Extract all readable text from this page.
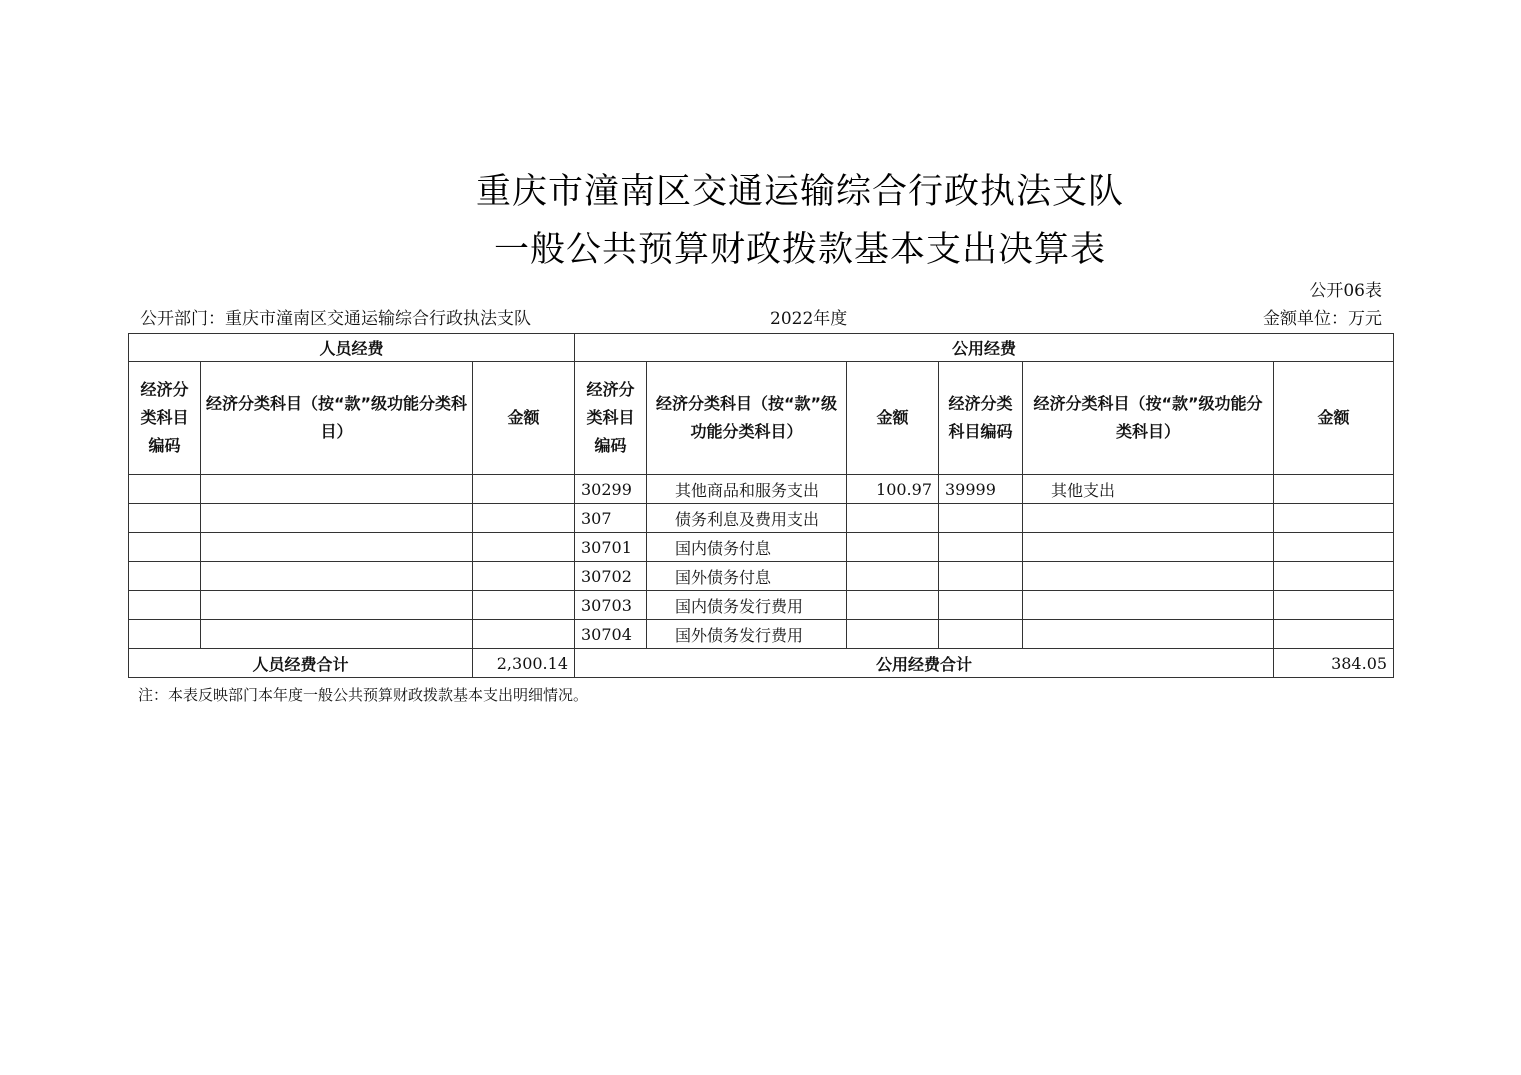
重庆市潼南区交通运输综合行政执法支队
一般公共预算财政拨款基本支出决算表
公开06表
公开部门：重庆市潼南区交通运输综合行政执法支队	2022年度	金额单位：万元
人员经费			公用经费					
经济分类科目编码	经济分类科目（按“款”级功能分类科目）	金额	经济分类科目编码	经济分类科目（按“款”级功能分类科目）	金额	经济分类科目编码	经济分类科目（按“款”级功能分类科目）	金额
			30299	其他商品和服务支出	100.97	39999	其他支出	
			307	债务利息及费用支出				
			30701	国内债务付息				
			30702	国外债务付息				
			30703	国内债务发行费用				
			30704	国外债务发行费用				
人员经费合计		2,300.14	公用经费合计					384.05
注：本表反映部门本年度一般公共预算财政拨款基本支出明细情况。
